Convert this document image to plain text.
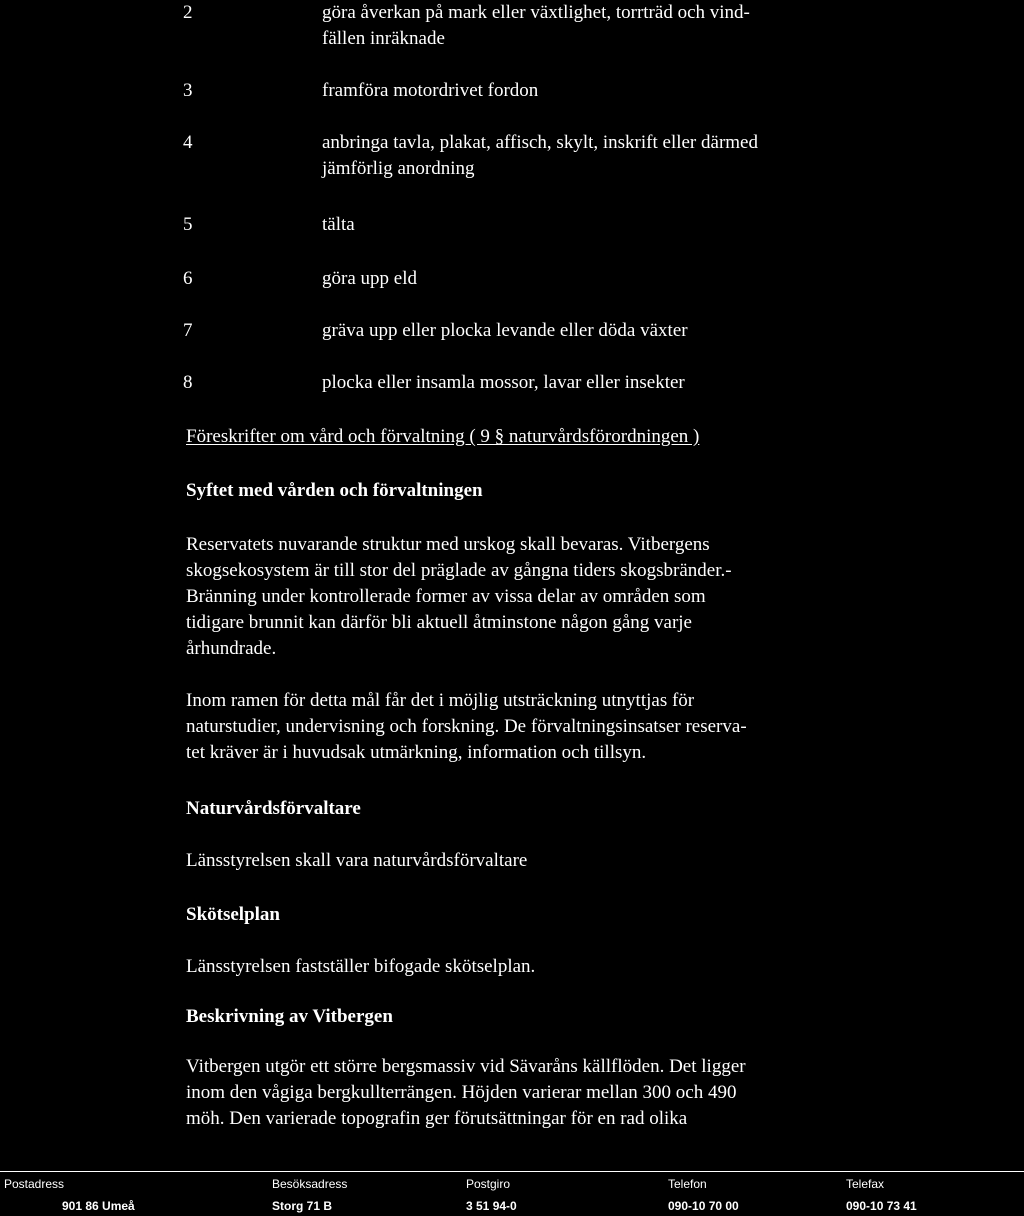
2	göra åverkan på mark eller växtlighet, torrträd och vind-
fällen inräknade
3	framföra motordrivet fordon
4	anbringa tavla, plakat, affisch, skylt, inskrift eller därmed
jämförlig anordning
5	tälta
6	göra upp eld
7	gräva upp eller plocka levande eller döda växter
8	plocka eller insamla mossor, lavar eller insekter
Föreskrifter om vård och förvaltning ( 9 § naturvårdsförordningen )
Syftet med vården och förvaltningen
Reservatets nuvarande struktur med urskog skall bevaras. Vitbergens
skogsekosystem är till stor del präglade av gångna tiders skogsbränder.-
Bränning under kontrollerade former av vissa delar av områden som
tidigare brunnit kan därför bli aktuell åtminstone någon gång varje
århundrade.
Inom ramen för detta mål får det i möjlig utsträckning utnyttjas för
naturstudier, undervisning och forskning. De förvaltningsinsatser reserva-
tet kräver är i huvudsak utmärkning, information och tillsyn.
Naturvårdsförvaltare
Länsstyrelsen skall vara naturvårdsförvaltare
Skötselplan
Länsstyrelsen fastställer bifogade skötselplan.
Beskrivning av Vitbergen
Vitbergen utgör ett större bergsmassiv vid Sävaråns källflöden. Det ligger
inom den vågiga bergkullterrängen. Höjden varierar mellan 300 och 490
möh. Den varierade topografin ger förutsättningar för en rad olika
Postadress
901 86 Umeå
Besöksadress
Storg 71 B
Postgiro
3 51 94-0
Telefon
090-10 70 00
Telefax
090-10 73 41
